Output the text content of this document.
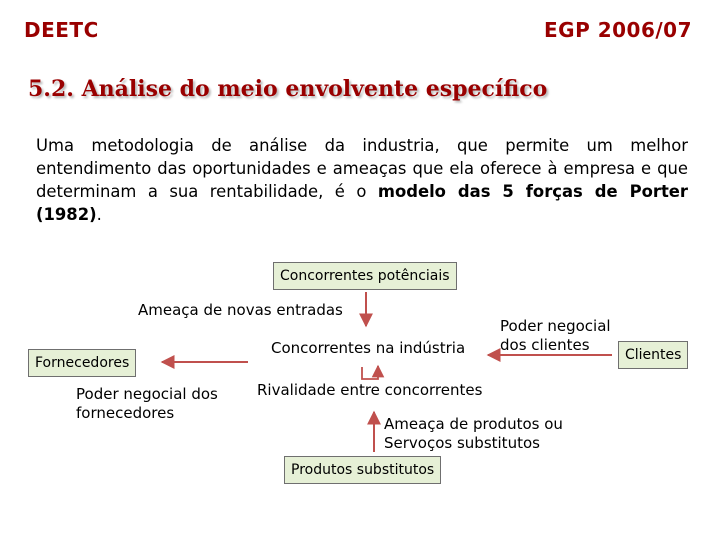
DEETC	EGP 2006/07
5.2. Análise do meio envolvente específico

Uma metodologia de análise da industria, que permite um melhor entendimento das oportunidades e ameaças que ela oferece à empresa e que determinam a sua rentabilidade, é o modelo das 5 forças de Porter (1982).

Concorrentes potênciais
Ameaça de novas entradas
Fornecedores
Poder negocial dos fornecedores
Concorrentes na indústria
Rivalidade entre concorrentes
Poder negocial dos clientes
Clientes
Ameaça de produtos ou Servoços substitutos
Produtos substitutos
